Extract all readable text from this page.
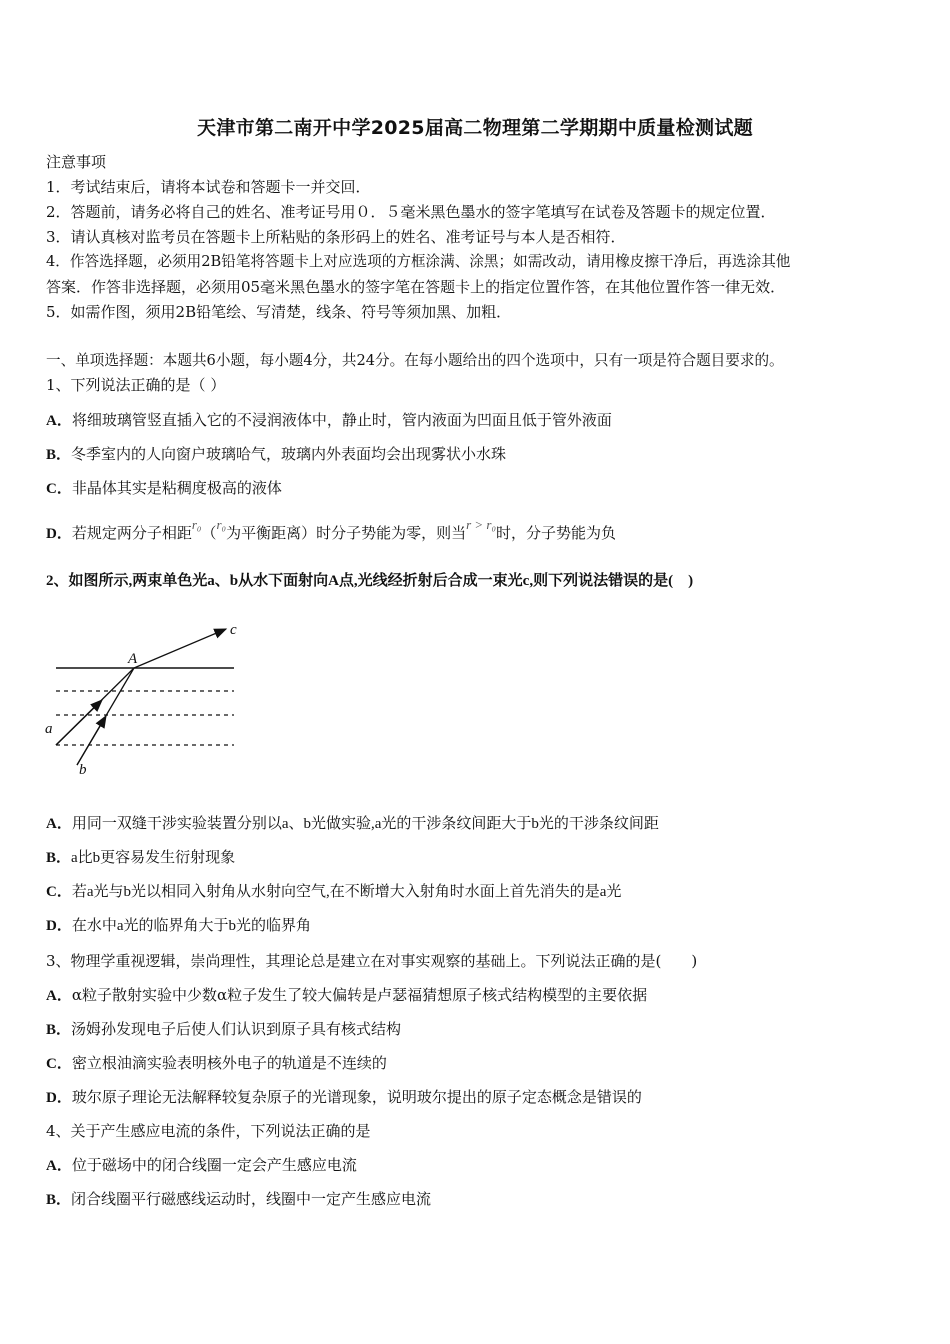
天津市第二南开中学2025届高二物理第二学期期中质量检测试题
注意事项
1．考试结束后，请将本试卷和答题卡一并交回．
2．答题前，请务必将自己的姓名、准考证号用０．５毫米黑色墨水的签字笔填写在试卷及答题卡的规定位置．
3．请认真核对监考员在答题卡上所粘贴的条形码上的姓名、准考证号与本人是否相符．
4．作答选择题，必须用2B铅笔将答题卡上对应选项的方框涂满、涂黑；如需改动，请用橡皮擦干净后，再选涂其他
答案．作答非选择题，必须用05毫米黑色墨水的签字笔在答题卡上的指定位置作答，在其他位置作答一律无效．
5．如需作图，须用2B铅笔绘、写清楚，线条、符号等须加黑、加粗．
一、单项选择题：本题共6小题，每小题4分，共24分。在每小题给出的四个选项中，只有一项是符合题目要求的。
1、下列说法正确的是（ ）
A．将细玻璃管竖直插入它的不浸润液体中，静止时，管内液面为凹面且低于管外液面
B．冬季室内的人向窗户玻璃哈气，玻璃内外表面均会出现雾状小水珠
C．非晶体其实是粘稠度极高的液体
D．若规定两分子相距r₀（r₀为平衡距离）时分子势能为零，则当r > r₀时，分子势能为负
2、如图所示,两束单色光a、b从水下面射向A点,光线经折射后合成一束光c,则下列说法错误的是(　)
A
c
a
b
A．用同一双缝干涉实验装置分别以a、b光做实验,a光的干涉条纹间距大于b光的干涉条纹间距
B．a比b更容易发生衍射现象
C．若a光与b光以相同入射角从水射向空气,在不断增大入射角时水面上首先消失的是a光
D．在水中a光的临界角大于b光的临界角
3、物理学重视逻辑，崇尚理性，其理论总是建立在对事实观察的基础上。下列说法正确的是(　　)
A．α粒子散射实验中少数α粒子发生了较大偏转是卢瑟福猜想原子核式结构模型的主要依据
B．汤姆孙发现电子后使人们认识到原子具有核式结构
C．密立根油滴实验表明核外电子的轨道是不连续的
D．玻尔原子理论无法解释较复杂原子的光谱现象，说明玻尔提出的原子定态概念是错误的
4、关于产生感应电流的条件，下列说法正确的是
A．位于磁场中的闭合线圈一定会产生感应电流
B．闭合线圈平行磁感线运动时，线圈中一定产生感应电流
